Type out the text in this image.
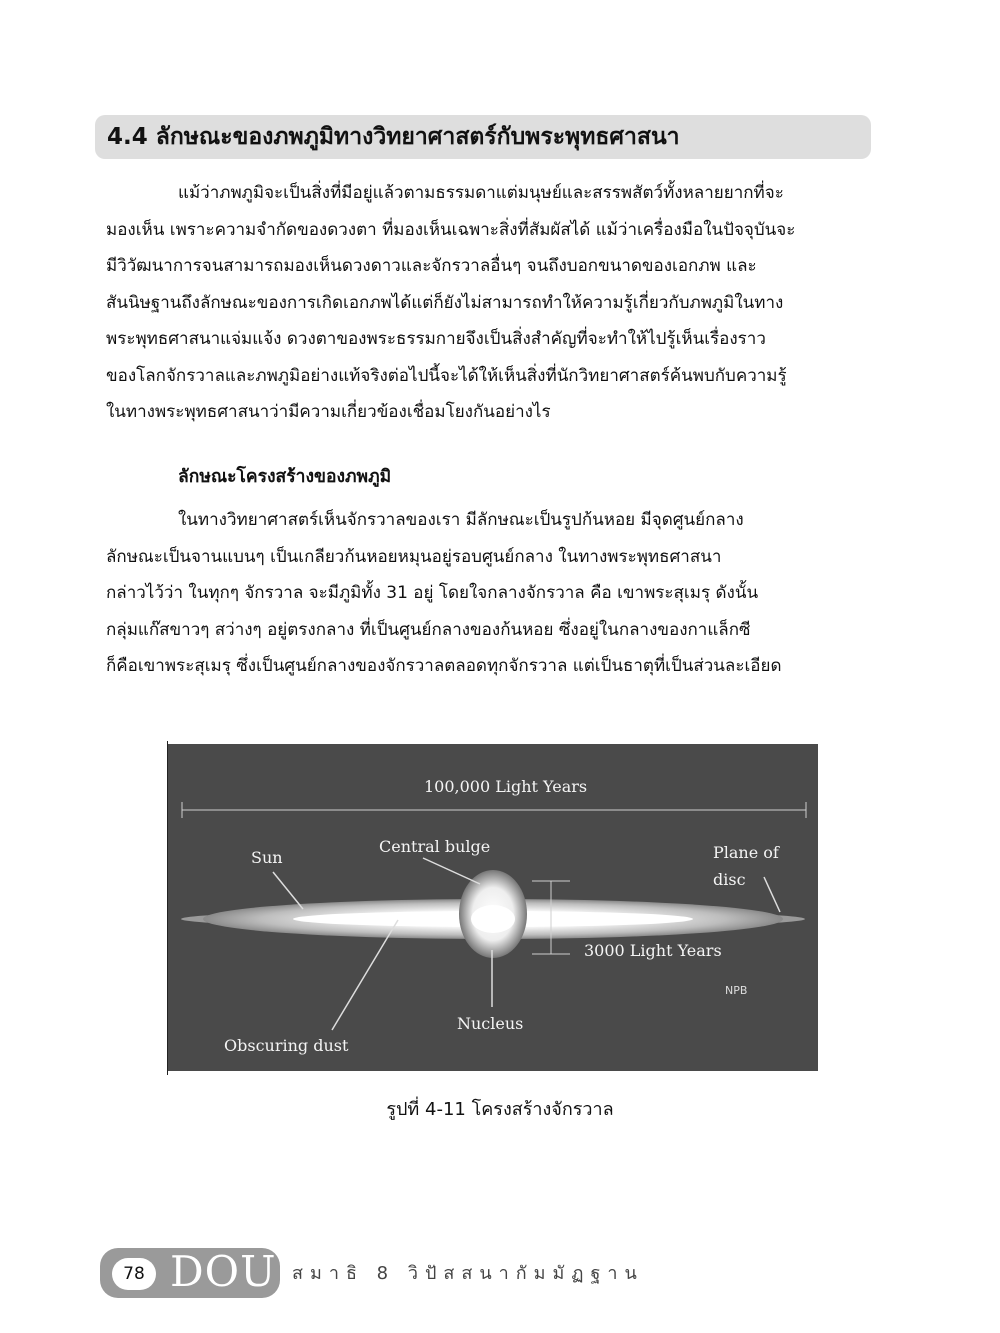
4.4 ลักษณะของภพภูมิทางวิทยาศาสตร์กับพระพุทธศาสนา
แม้ว่าภพภูมิจะเป็นสิ่งที่มีอยู่แล้วตามธรรมดาแต่มนุษย์และสรรพสัตว์ทั้งหลายยากที่จะ
มองเห็น เพราะความจำกัดของดวงตา ที่มองเห็นเฉพาะสิ่งที่สัมผัสได้ แม้ว่าเครื่องมือในปัจจุบันจะ
มีวิวัฒนาการจนสามารถมองเห็นดวงดาวและจักรวาลอื่นๆ จนถึงบอกขนาดของเอกภพ และ
สันนิษฐานถึงลักษณะของการเกิดเอกภพได้แต่ก็ยังไม่สามารถทำให้ความรู้เกี่ยวกับภพภูมิในทาง
พระพุทธศาสนาแจ่มแจ้ง ดวงตาของพระธรรมกายจึงเป็นสิ่งสำคัญที่จะทำให้ไปรู้เห็นเรื่องราว
ของโลกจักรวาลและภพภูมิอย่างแท้จริงต่อไปนี้จะได้ให้เห็นสิ่งที่นักวิทยาศาสตร์ค้นพบกับความรู้
ในทางพระพุทธศาสนาว่ามีความเกี่ยวข้องเชื่อมโยงกันอย่างไร
ลักษณะโครงสร้างของภพภูมิ
ในทางวิทยาศาสตร์เห็นจักรวาลของเรา มีลักษณะเป็นรูปก้นหอย มีจุดศูนย์กลาง
ลักษณะเป็นจานแบนๆ เป็นเกลียวก้นหอยหมุนอยู่รอบศูนย์กลาง ในทางพระพุทธศาสนา
กล่าวไว้ว่า ในทุกๆ จักรวาล จะมีภูมิทั้ง 31 อยู่ โดยใจกลางจักรวาล คือ เขาพระสุเมรุ ดังนั้น
กลุ่มแก๊สขาวๆ สว่างๆ อยู่ตรงกลาง ที่เป็นศูนย์กลางของก้นหอย ซึ่งอยู่ในกลางของกาแล็กซี
ก็คือเขาพระสุเมรุ ซึ่งเป็นศูนย์กลางของจักรวาลตลอดทุกจักรวาล แต่เป็นธาตุที่เป็นส่วนละเอียด
100,000 Light Years
Sun
Central bulge	Plane of
disc
3000 Light Years
NPB
Nucleus
Obscuring dust
รูปที่ 4-11 โครงสร้างจักรวาล
78 DOU สมาธิ 8 วิปัสสนากัมมัฏฐาน
